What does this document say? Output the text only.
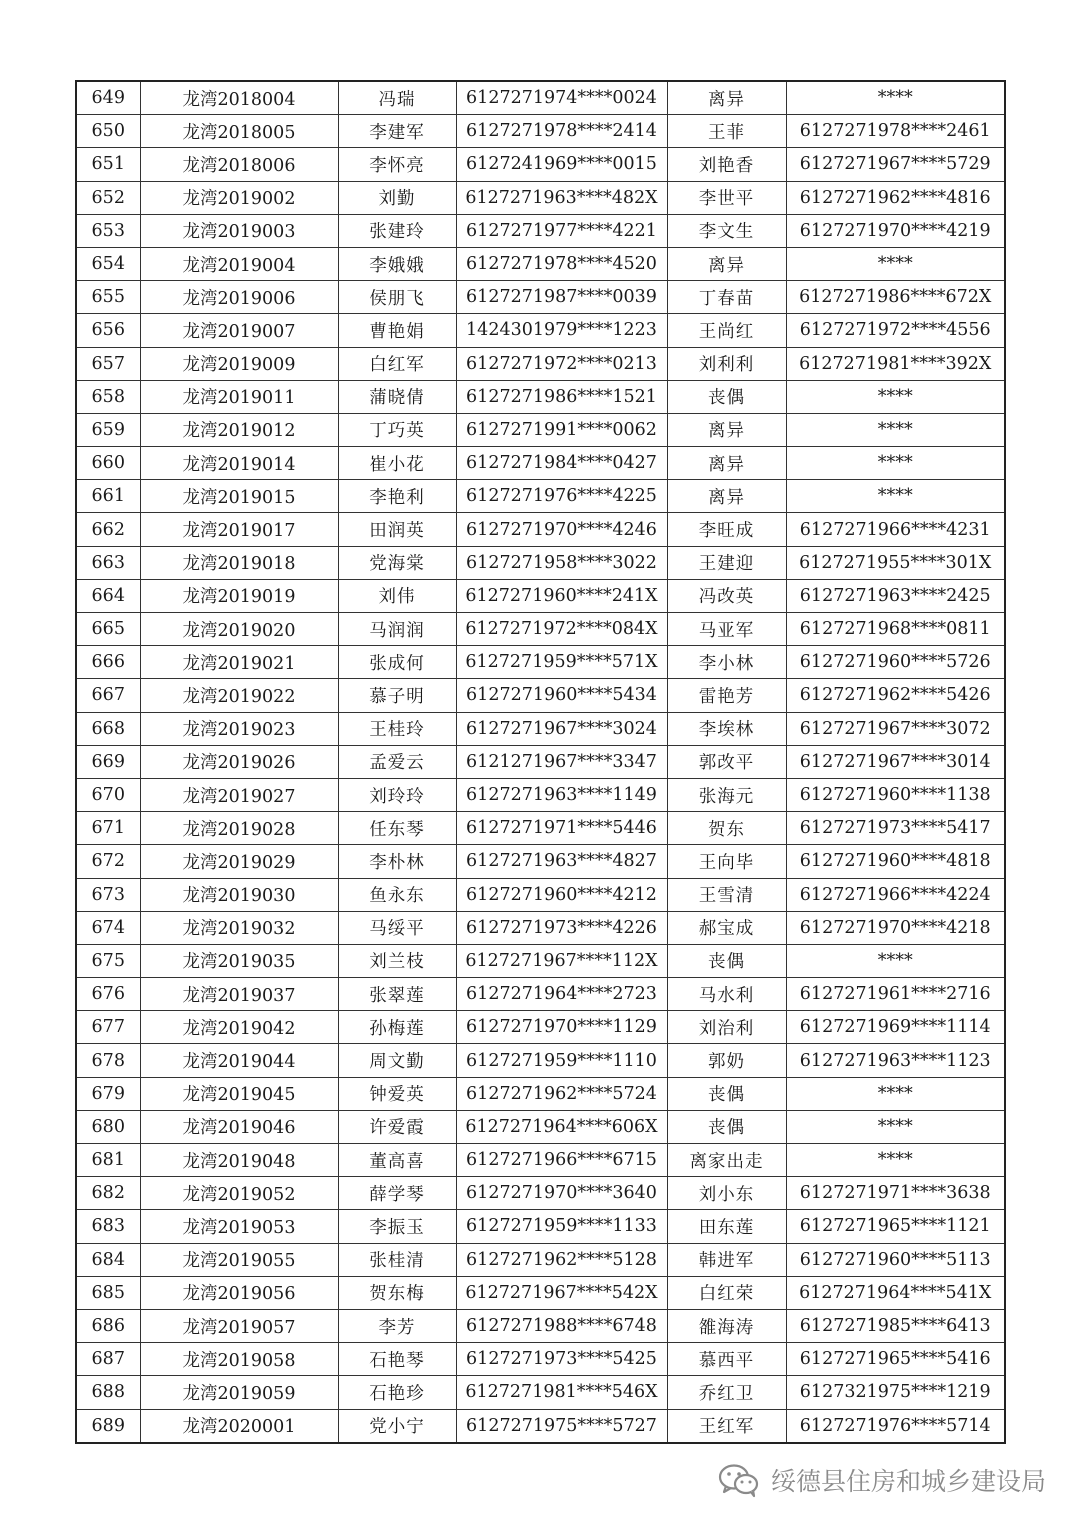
649	龙湾2018004	冯瑞	6127271974****0024	离异	****
650	龙湾2018005	李建军	6127271978****2414	王菲	6127271978****2461
651	龙湾2018006	李怀亮	6127241969****0015	刘艳香	6127271967****5729
652	龙湾2019002	刘勤	6127271963****482X	李世平	6127271962****4816
653	龙湾2019003	张建玲	6127271977****4221	李文生	6127271970****4219
654	龙湾2019004	李娥娥	6127271978****4520	离异	****
655	龙湾2019006	侯朋飞	6127271987****0039	丁春苗	6127271986****672X
656	龙湾2019007	曹艳娟	1424301979****1223	王尚红	6127271972****4556
657	龙湾2019009	白红军	6127271972****0213	刘利利	6127271981****392X
658	龙湾2019011	蒲晓倩	6127271986****1521	丧偶	****
659	龙湾2019012	丁巧英	6127271991****0062	离异	****
660	龙湾2019014	崔小花	6127271984****0427	离异	****
661	龙湾2019015	李艳利	6127271976****4225	离异	****
662	龙湾2019017	田润英	6127271970****4246	李旺成	6127271966****4231
663	龙湾2019018	党海棠	6127271958****3022	王建迎	6127271955****301X
664	龙湾2019019	刘伟	6127271960****241X	冯改英	6127271963****2425
665	龙湾2019020	马润润	6127271972****084X	马亚军	6127271968****0811
666	龙湾2019021	张成何	6127271959****571X	李小林	6127271960****5726
667	龙湾2019022	慕子明	6127271960****5434	雷艳芳	6127271962****5426
668	龙湾2019023	王桂玲	6127271967****3024	李埃林	6127271967****3072
669	龙湾2019026	孟爱云	6121271967****3347	郭改平	6127271967****3014
670	龙湾2019027	刘玲玲	6127271963****1149	张海元	6127271960****1138
671	龙湾2019028	任东琴	6127271971****5446	贺东	6127271973****5417
672	龙湾2019029	李朴林	6127271963****4827	王向毕	6127271960****4818
673	龙湾2019030	鱼永东	6127271960****4212	王雪清	6127271966****4224
674	龙湾2019032	马绥平	6127271973****4226	郝宝成	6127271970****4218
675	龙湾2019035	刘兰枝	6127271967****112X	丧偶	****
676	龙湾2019037	张翠莲	6127271964****2723	马水利	6127271961****2716
677	龙湾2019042	孙梅莲	6127271970****1129	刘治利	6127271969****1114
678	龙湾2019044	周文勤	6127271959****1110	郭奶	6127271963****1123
679	龙湾2019045	钟爱英	6127271962****5724	丧偶	****
680	龙湾2019046	许爱霞	6127271964****606X	丧偶	****
681	龙湾2019048	董高喜	6127271966****6715	离家出走	****
682	龙湾2019052	薛学琴	6127271970****3640	刘小东	6127271971****3638
683	龙湾2019053	李振玉	6127271959****1133	田东莲	6127271965****1121
684	龙湾2019055	张桂清	6127271962****5128	韩进军	6127271960****5113
685	龙湾2019056	贺东梅	6127271967****542X	白红荣	6127271964****541X
686	龙湾2019057	李芳	6127271988****6748	雒海涛	6127271985****6413
687	龙湾2019058	石艳琴	6127271973****5425	慕西平	6127271965****5416
688	龙湾2019059	石艳珍	6127271981****546X	乔红卫	6127321975****1219
689	龙湾2020001	党小宁	6127271975****5727	王红军	6127271976****5714
绥德县住房和城乡建设局
